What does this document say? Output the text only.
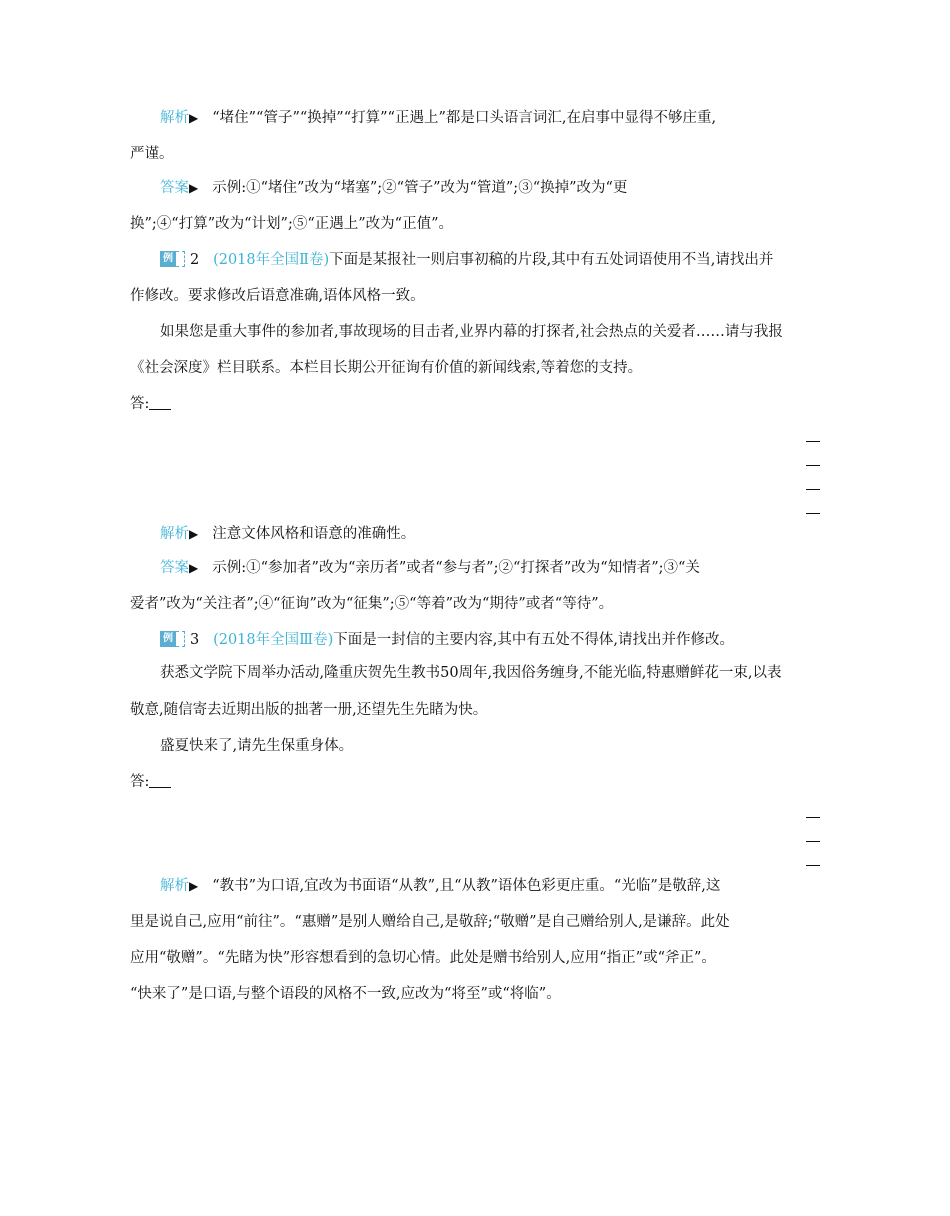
解析▶ “堵住”“管子”“换掉”“打算”“正遇上”都是口头语言词汇,在启事中显得不够庄重,
严谨。
答案▶ 示例:①“堵住”改为“堵塞”;②“管子”改为“管道”;③“换掉”改为“更
换”;④“打算”改为“计划”;⑤“正遇上”改为“正值”。
例 2 (2018年全国Ⅱ卷)下面是某报社一则启事初稿的片段,其中有五处词语使用不当,请找出并
作修改。要求修改后语意准确,语体风格一致。
如果您是重大事件的参加者,事故现场的目击者,业界内幕的打探者,社会热点的关爱者……请与我报
《社会深度》栏目联系。本栏目长期公开征询有价值的新闻线索,等着您的支持。
答:
解析▶ 注意文体风格和语意的准确性。
答案▶ 示例:①“参加者”改为“亲历者”或者“参与者”;②“打探者”改为“知情者”;③“关
爱者”改为“关注者”;④“征询”改为“征集”;⑤“等着”改为“期待”或者“等待”。
例 3 (2018年全国Ⅲ卷)下面是一封信的主要内容,其中有五处不得体,请找出并作修改。
获悉文学院下周举办活动,隆重庆贺先生教书50周年,我因俗务缠身,不能光临,特惠赠鲜花一束,以表
敬意,随信寄去近期出版的拙著一册,还望先生先睹为快。
盛夏快来了,请先生保重身体。
答:
解析▶ “教书”为口语,宜改为书面语“从教”,且“从教”语体色彩更庄重。“光临”是敬辞,这
里是说自己,应用“前往”。“惠赠”是别人赠给自己,是敬辞;“敬赠”是自己赠给别人,是谦辞。此处
应用“敬赠”。“先睹为快”形容想看到的急切心情。此处是赠书给别人,应用“指正”或“斧正”。
“快来了”是口语,与整个语段的风格不一致,应改为“将至”或“将临”。
